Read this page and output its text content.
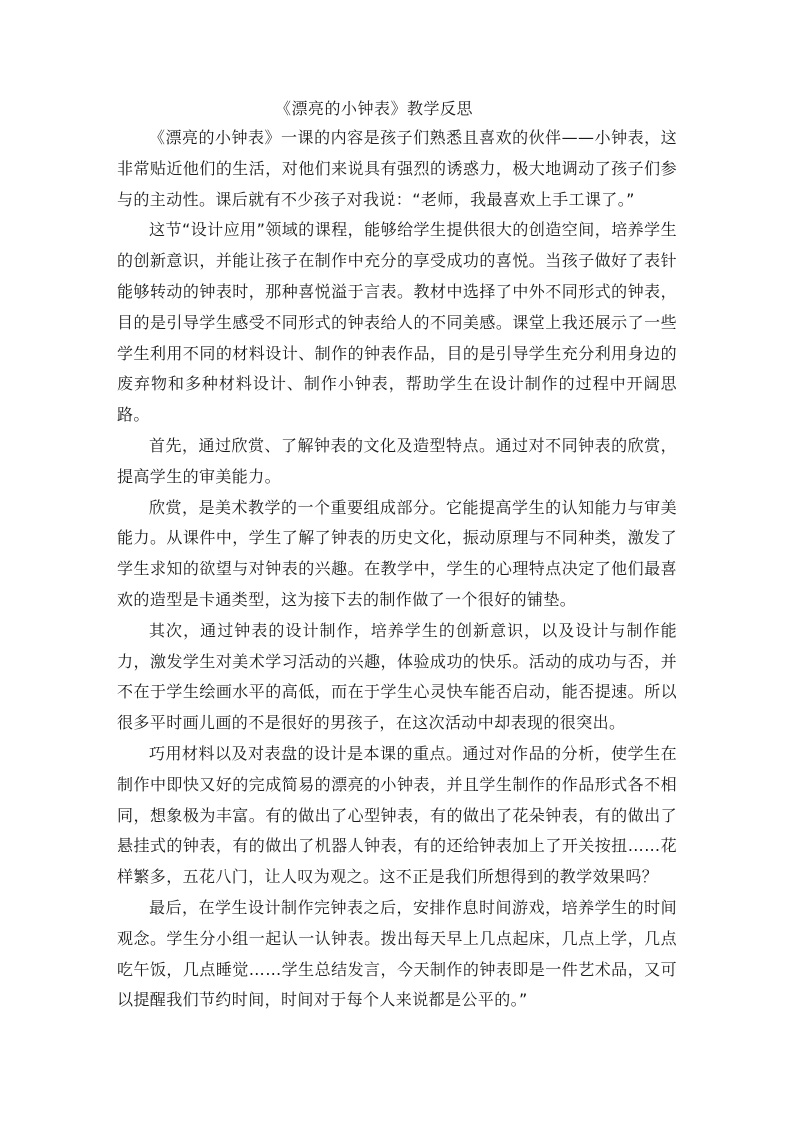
《漂亮的小钟表》教学反思

《漂亮的小钟表》一课的内容是孩子们熟悉且喜欢的伙伴——小钟表，这非常贴近他们的生活，对他们来说具有强烈的诱惑力，极大地调动了孩子们参与的主动性。课后就有不少孩子对我说：“老师，我最喜欢上手工课了。”

这节“设计应用”领域的课程，能够给学生提供很大的创造空间，培养学生的创新意识，并能让孩子在制作中充分的享受成功的喜悦。当孩子做好了表针能够转动的钟表时，那种喜悦溢于言表。教材中选择了中外不同形式的钟表，目的是引导学生感受不同形式的钟表给人的不同美感。课堂上我还展示了一些学生利用不同的材料设计、制作的钟表作品，目的是引导学生充分利用身边的废弃物和多种材料设计、制作小钟表，帮助学生在设计制作的过程中开阔思路。

首先，通过欣赏、了解钟表的文化及造型特点。通过对不同钟表的欣赏，提高学生的审美能力。

欣赏，是美术教学的一个重要组成部分。它能提高学生的认知能力与审美能力。从课件中，学生了解了钟表的历史文化，振动原理与不同种类，激发了学生求知的欲望与对钟表的兴趣。在教学中，学生的心理特点决定了他们最喜欢的造型是卡通类型，这为接下去的制作做了一个很好的铺垫。

其次，通过钟表的设计制作，培养学生的创新意识，以及设计与制作能力，激发学生对美术学习活动的兴趣，体验成功的快乐。活动的成功与否，并不在于学生绘画水平的高低，而在于学生心灵快车能否启动，能否提速。所以很多平时画儿画的不是很好的男孩子，在这次活动中却表现的很突出。

巧用材料以及对表盘的设计是本课的重点。通过对作品的分析，使学生在制作中即快又好的完成简易的漂亮的小钟表，并且学生制作的作品形式各不相同，想象极为丰富。有的做出了心型钟表，有的做出了花朵钟表，有的做出了悬挂式的钟表，有的做出了机器人钟表，有的还给钟表加上了开关按扭……花样繁多，五花八门，让人叹为观之。这不正是我们所想得到的教学效果吗？

最后，在学生设计制作完钟表之后，安排作息时间游戏，培养学生的时间观念。学生分小组一起认一认钟表。拨出每天早上几点起床，几点上学，几点吃午饭，几点睡觉……学生总结发言，今天制作的钟表即是一件艺术品，又可以提醒我们节约时间，时间对于每个人来说都是公平的。”
